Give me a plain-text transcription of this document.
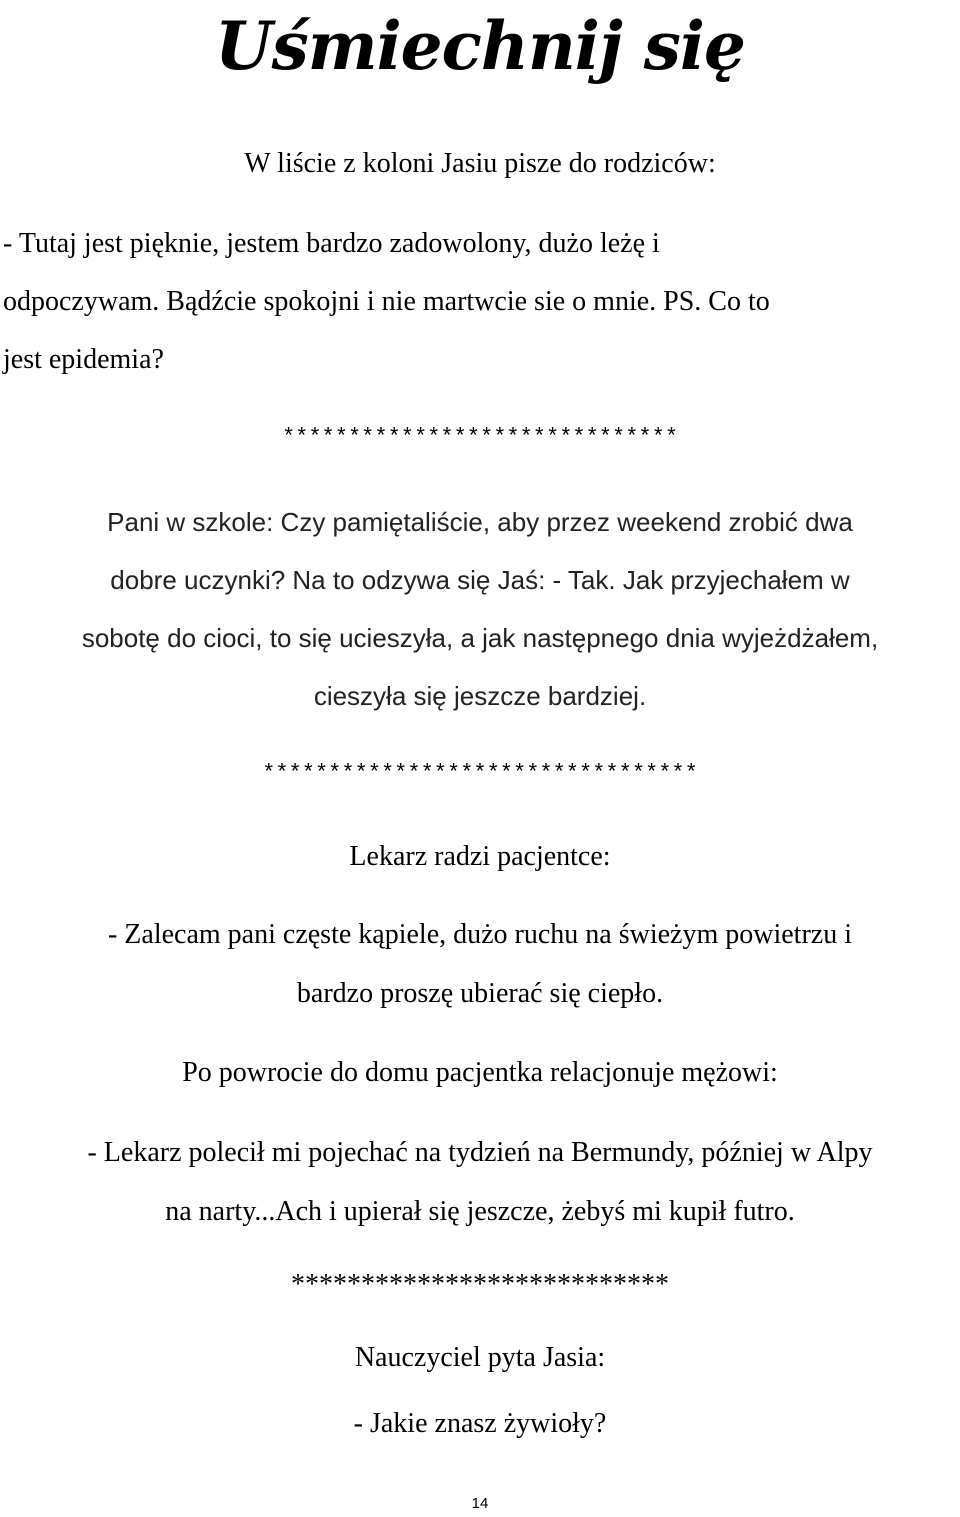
Uśmiechnij się

W liście z koloni Jasiu pisze do rodziców:

- Tutaj jest pięknie, jestem bardzo zadowolony, dużo leżę i

odpoczywam. Bądźcie spokojni i nie martwcie sie o mnie. PS. Co to

jest epidemia?

******************************

Pani w szkole: Czy pamiętaliście, aby przez weekend zrobić dwa

dobre uczynki? Na to odzywa się Jaś: - Tak. Jak przyjechałem w

sobotę do cioci, to się ucieszyła, a jak następnego dnia wyjeżdżałem,

cieszyła się jeszcze bardziej.

*********************************

Lekarz radzi pacjentce:

- Zalecam pani częste kąpiele, dużo ruchu na świeżym powietrzu i

bardzo proszę ubierać się ciepło.

Po powrocie do domu pacjentka relacjonuje mężowi:

- Lekarz polecił mi pojechać na tydzień na Bermundy, później w Alpy

na narty...Ach i upierał się jeszcze, żebyś mi kupił futro.

***************************

Nauczyciel pyta Jasia:

- Jakie znasz żywioły?

14
